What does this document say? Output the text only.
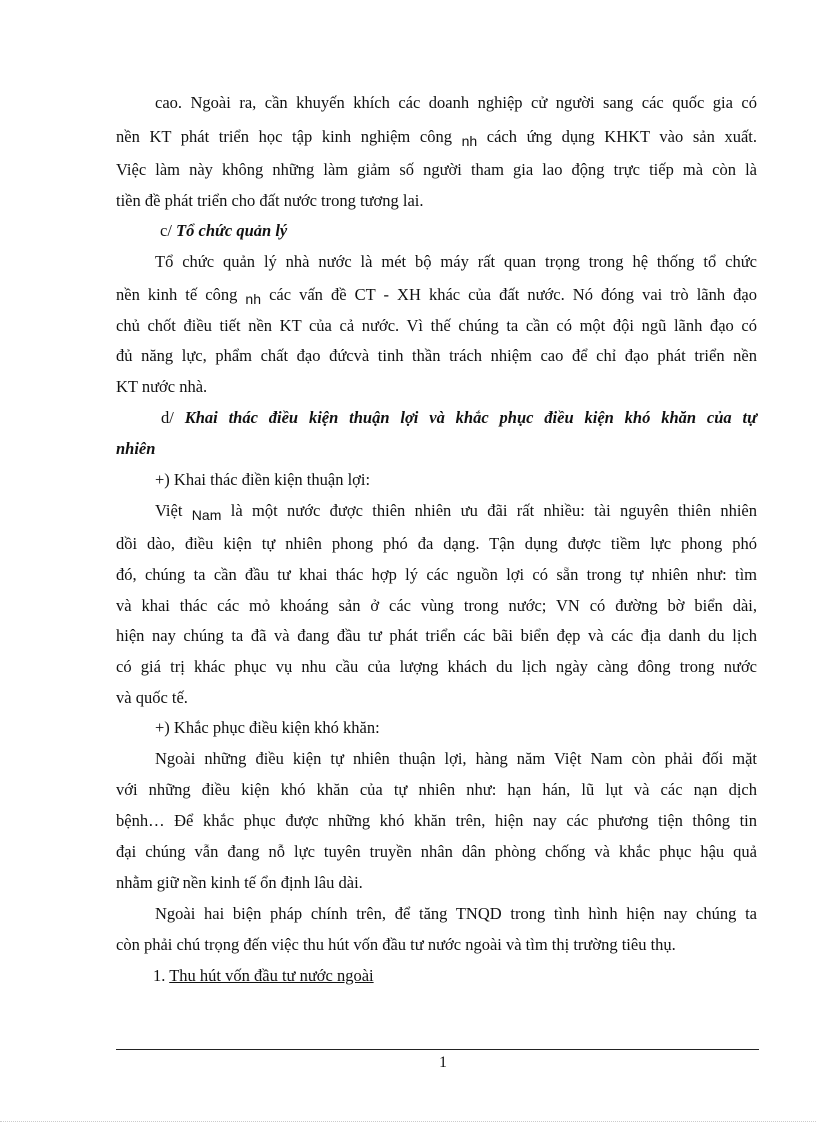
cao. Ngoài ra, cần khuyến khích các doanh nghiệp cử người sang các quốc gia có
nền KT phát triển học tập kinh nghiệm công $_{nh}$ cách ứng dụng KHKT vào sản xuất.
Việc làm này không những làm giảm số người tham gia lao động trực tiếp mà còn là
tiền đề phát triển cho đất nước trong tương lai.
c/ Tổ chức quản lý
Tổ chức quản lý nhà nước là mét bộ máy rất quan trọng trong hệ thống tổ chức
nền kinh tế công $_{nh}$ các vấn đề CT - XH khác của đất nước. Nó đóng vai trò lãnh đạo
chủ chốt điều tiết nền KT của cả nước. Vì thế chúng ta cần có một đội ngũ lãnh đạo có
đủ năng lực, phẩm chất đạo đứcvà tinh thần trách nhiệm cao để chỉ đạo phát triển nền
KT nước nhà.
d/ Khai thác điều kiện thuận lợi và khắc phục điều kiện khó khăn của tự
nhiên
+) Khai thác điền kiện thuận lợi:
Việt $_{Nam}$ là một nước được thiên nhiên ưu đãi rất nhiều: tài nguyên thiên nhiên
dồi dào, điều kiện tự nhiên phong phó đa dạng. Tận dụng được tiềm lực phong phó
đó, chúng ta cần đầu tư khai thác hợp lý các nguồn lợi có sẵn trong tự nhiên như: tìm
và khai thác các mỏ khoáng sản ở các vùng trong nước; VN có đường bờ biển dài,
hiện nay chúng ta đã và đang đầu tư phát triển các bãi biển đẹp và các địa danh du lịch
có giá trị khác phục vụ nhu cầu của lượng khách du lịch ngày càng đông trong nước
và quốc tế.
+) Khắc phục điều kiện khó khăn:
Ngoài những điều kiện tự nhiên thuận lợi, hàng năm Việt Nam còn phải đối mặt
với những điều kiện khó khăn của tự nhiên như: hạn hán, lũ lụt và các nạn dịch
bệnh… Để khắc phục được những khó khăn trên, hiện nay các phương tiện thông tin
đại chúng vẫn đang nỗ lực tuyên truyền nhân dân phòng chống và khắc phục hậu quả
nhằm giữ nền kinh tế ổn định lâu dài.
Ngoài hai biện pháp chính trên, để tăng TNQD trong tình hình hiện nay chúng ta
còn phải chú trọng đến việc thu hút vốn đầu tư nước ngoài và tìm thị trường tiêu thụ.
1. Thu hút vốn đầu tư nước ngoài
1
